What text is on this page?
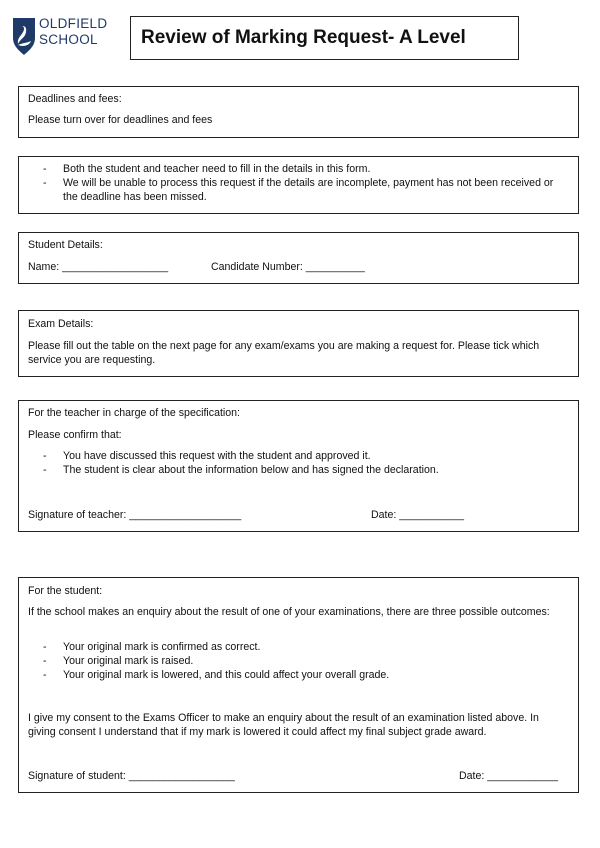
OLDFIELD
SCHOOL	Review of Marking Request- A Level

Deadlines and fees:

Please turn over for deadlines and fees

- Both the student and teacher need to fill in the details in this form.
- We will be unable to process this request if the details are incomplete, payment has not been received or the deadline has been missed.

Student Details:

Name: __________________	Candidate Number: __________

Exam Details:

Please fill out the table on the next page for any exam/exams you are making a request for. Please tick which service you are requesting.

For the teacher in charge of the specification:

Please confirm that:

- You have discussed this request with the student and approved it.
- The student is clear about the information below and has signed the declaration.
Signature of teacher: ___________________	Date: ___________

For the student:

If the school makes an enquiry about the result of one of your examinations, there are three possible outcomes:

- Your original mark is confirmed as correct.
- Your original mark is raised.
- Your original mark is lowered, and this could affect your overall grade.

I give my consent to the Exams Officer to make an enquiry about the result of an examination listed above. In giving consent I understand that if my mark is lowered it could affect my final subject grade award.

Signature of student: __________________	Date: ____________
